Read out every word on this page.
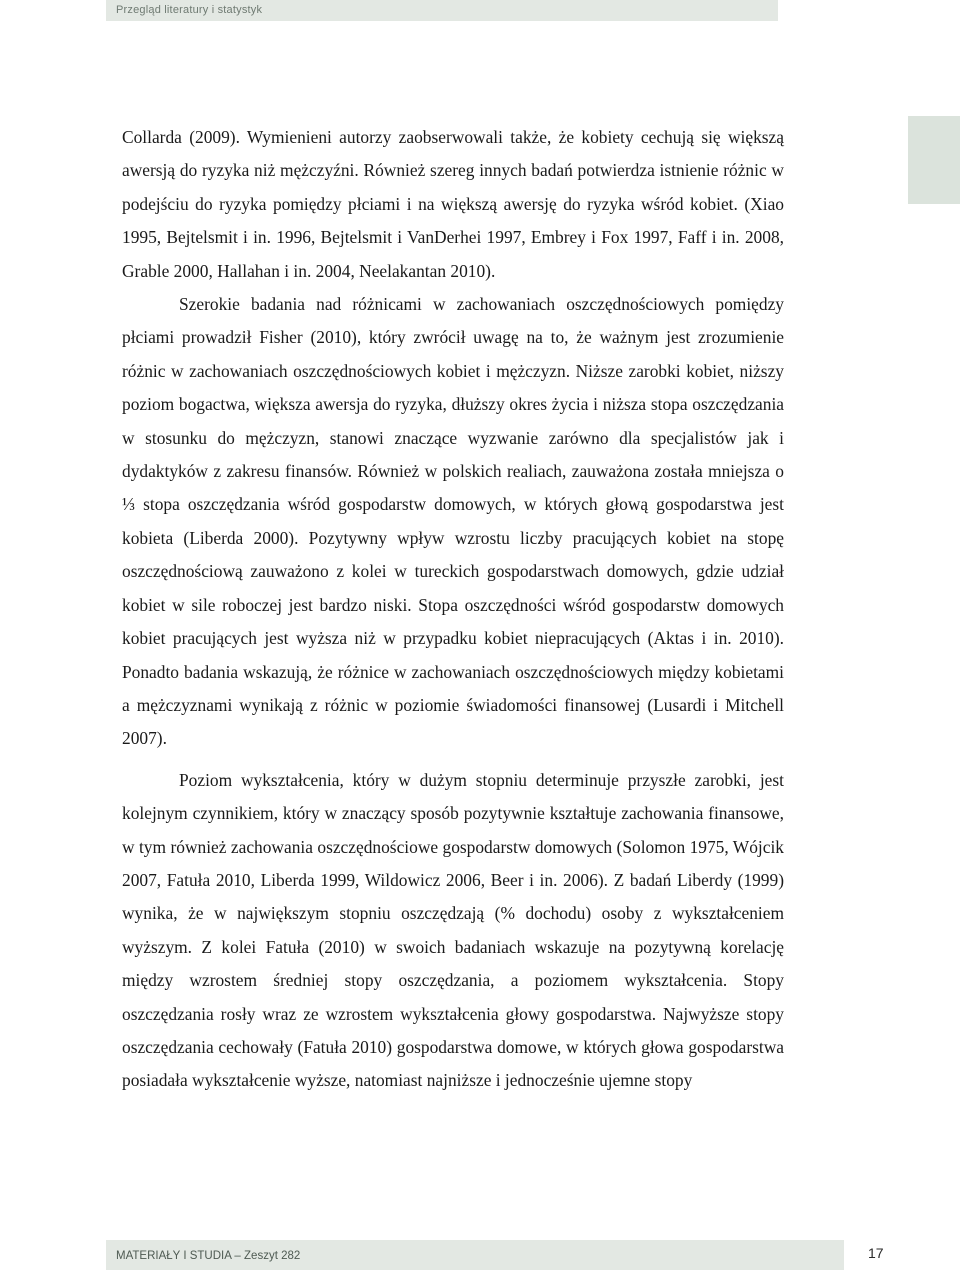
Przegląd literatury i statystyk

Collarda (2009). Wymienieni autorzy zaobserwowali także, że kobiety cechują się większą awersją do ryzyka niż mężczyźni. Również szereg innych badań potwierdza istnienie różnic w podejściu do ryzyka pomiędzy płciami i na większą awersję do ryzyka wśród kobiet. (Xiao 1995, Bejtelsmit i in. 1996, Bejtelsmit i VanDerhei 1997, Embrey i Fox 1997, Faff i in. 2008, Grable 2000, Hallahan i in. 2004, Neelakantan 2010).

Szerokie badania nad różnicami w zachowaniach oszczędnościowych pomiędzy płciami prowadził Fisher (2010), który zwrócił uwagę na to, że ważnym jest zrozumienie różnic w zachowaniach oszczędnościowych kobiet i mężczyzn. Niższe zarobki kobiet, niższy poziom bogactwa, większa awersja do ryzyka, dłuższy okres życia i niższa stopa oszczędzania w stosunku do mężczyzn, stanowi znaczące wyzwanie zarówno dla specjalistów jak i dydaktyków z zakresu finansów. Również w polskich realiach, zauważona została mniejsza o ⅓ stopa oszczędzania wśród gospodarstw domowych, w których głową gospodarstwa jest kobieta (Liberda 2000). Pozytywny wpływ wzrostu liczby pracujących kobiet na stopę oszczędnościową zauważono z kolei w tureckich gospodarstwach domowych, gdzie udział kobiet w sile roboczej jest bardzo niski. Stopa oszczędności wśród gospodarstw domowych kobiet pracujących jest wyższa niż w przypadku kobiet niepracujących (Aktas i in. 2010). Ponadto badania wskazują, że różnice w zachowaniach oszczędnościowych między kobietami a mężczyznami wynikają z różnic w poziomie świadomości finansowej (Lusardi i Mitchell 2007).

Poziom wykształcenia, który w dużym stopniu determinuje przyszłe zarobki, jest kolejnym czynnikiem, który w znaczący sposób pozytywnie kształtuje zachowania finansowe, w tym również zachowania oszczędnościowe gospodarstw domowych (Solomon 1975, Wójcik 2007, Fatuła 2010, Liberda 1999, Wildowicz 2006, Beer i in. 2006). Z badań Liberdy (1999) wynika, że w największym stopniu oszczędzają (% dochodu) osoby z wykształceniem wyższym. Z kolei Fatuła (2010) w swoich badaniach wskazuje na pozytywną korelację między wzrostem średniej stopy oszczędzania, a poziomem wykształcenia. Stopy oszczędzania rosły wraz ze wzrostem wykształcenia głowy gospodarstwa. Najwyższe stopy oszczędzania cechowały (Fatuła 2010) gospodarstwa domowe, w których głowa gospodarstwa posiadała wykształcenie wyższe, natomiast najniższe i jednocześnie ujemne stopy

MATERIAŁY I STUDIA – Zeszyt 282	17
